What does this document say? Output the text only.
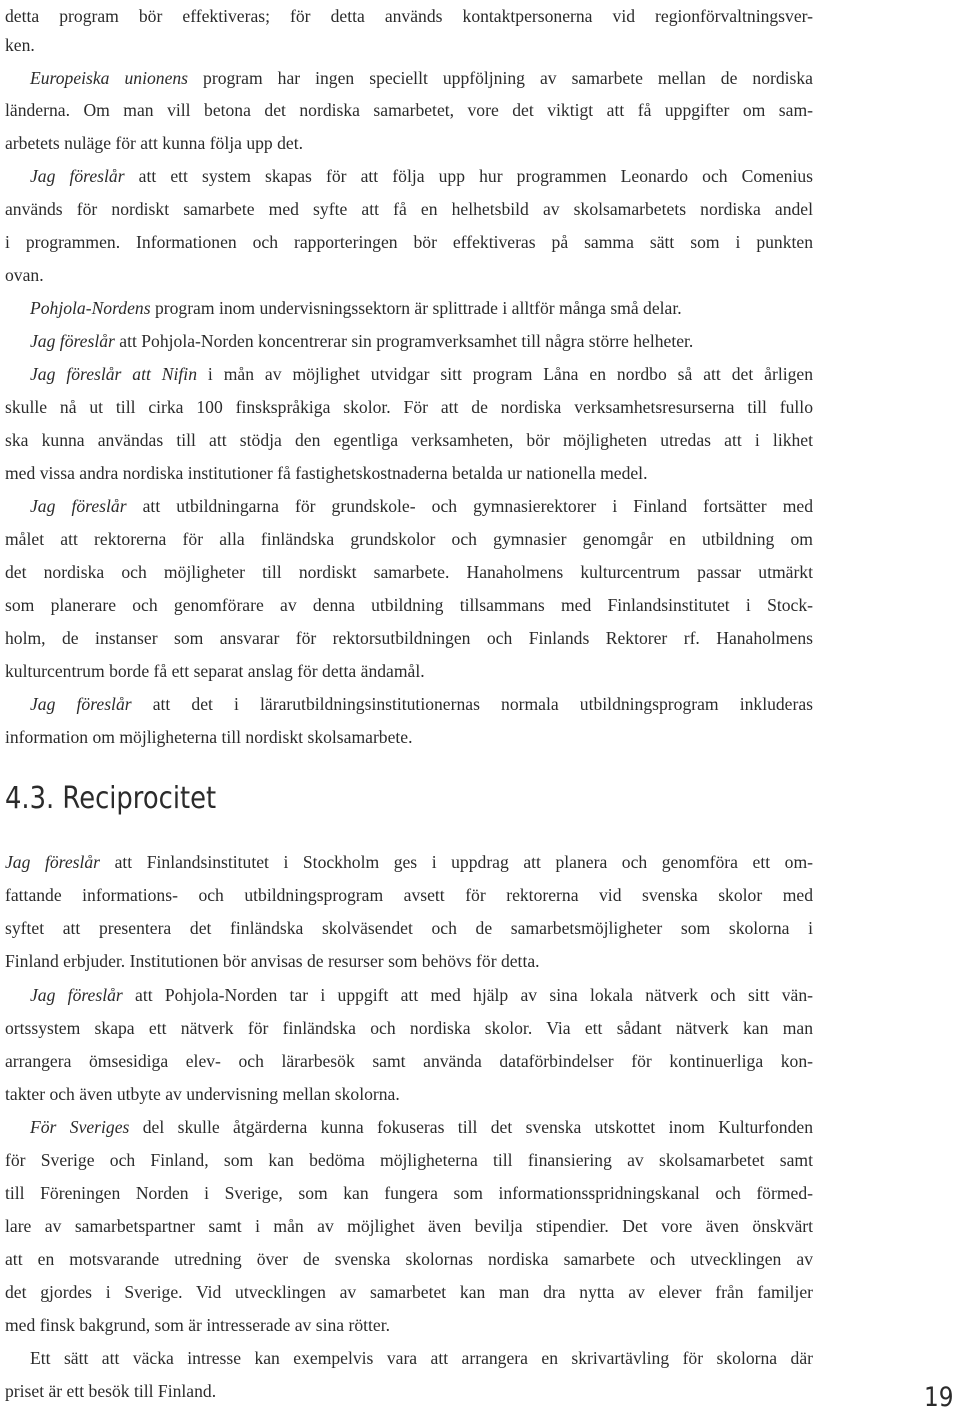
detta program bör effektiveras; för detta används kontaktpersonerna vid regionförvaltningsver-
ken.
Europeiska unionens program har ingen speciellt uppföljning av samarbete mellan de nordiska
länderna. Om man vill betona det nordiska samarbetet, vore det viktigt att få uppgifter om sam-
arbetets nuläge för att kunna följa upp det.
Jag föreslår att ett system skapas för att följa upp hur programmen Leonardo och Comenius
används för nordiskt samarbete med syfte att få en helhetsbild av skolsamarbetets nordiska andel
i programmen. Informationen och rapporteringen bör effektiveras på samma sätt som i punkten
ovan.
Pohjola-Nordens program inom undervisningssektorn är splittrade i alltför många små delar.
Jag föreslår att Pohjola-Norden koncentrerar sin programverksamhet till några större helheter.
Jag föreslår att Nifin i mån av möjlighet utvidgar sitt program Låna en nordbo så att det årligen
skulle nå ut till cirka 100 finskspråkiga skolor. För att de nordiska verksamhetsresurserna till fullo
ska kunna användas till att stödja den egentliga verksamheten, bör möjligheten utredas att i likhet
med vissa andra nordiska institutioner få fastighetskostnaderna betalda ur nationella medel.
Jag föreslår att utbildningarna för grundskole- och gymnasierektorer i Finland fortsätter med
målet att rektorerna för alla finländska grundskolor och gymnasier genomgår en utbildning om
det nordiska och möjligheter till nordiskt samarbete. Hanaholmens kulturcentrum passar utmärkt
som planerare och genomförare av denna utbildning tillsammans med Finlandsinstitutet i Stock-
holm, de instanser som ansvarar för rektorsutbildningen och Finlands Rektorer rf. Hanaholmens
kulturcentrum borde få ett separat anslag för detta ändamål.
Jag föreslår att det i lärarutbildningsinstitutionernas normala utbildningsprogram inkluderas
information om möjligheterna till nordiskt skolsamarbete.
Jag föreslår att Finlandsinstitutet i Stockholm ges i uppdrag att planera och genomföra ett om-
fattande informations- och utbildningsprogram avsett för rektorerna vid svenska skolor med
syftet att presentera det finländska skolväsendet och de samarbetsmöjligheter som skolorna i
Finland erbjuder. Institutionen bör anvisas de resurser som behövs för detta.
Jag föreslår att Pohjola-Norden tar i uppgift att med hjälp av sina lokala nätverk och sitt vän-
ortssystem skapa ett nätverk för finländska och nordiska skolor. Via ett sådant nätverk kan man
arrangera ömsesidiga elev- och lärarbesök samt använda dataförbindelser för kontinuerliga kon-
takter och även utbyte av undervisning mellan skolorna.
För Sveriges del skulle åtgärderna kunna fokuseras till det svenska utskottet inom Kulturfonden
för Sverige och Finland, som kan bedöma möjligheterna till finansiering av skolsamarbetet samt
till Föreningen Norden i Sverige, som kan fungera som informationsspridningskanal och förmed-
lare av samarbetspartner samt i mån av möjlighet även bevilja stipendier. Det vore även önskvärt
att en motsvarande utredning över de svenska skolornas nordiska samarbete och utvecklingen av
det gjordes i Sverige. Vid utvecklingen av samarbetet kan man dra nytta av elever från familjer
med finsk bakgrund, som är intresserade av sina rötter.
Ett sätt att väcka intresse kan exempelvis vara att arrangera en skrivartävling för skolorna där
priset är ett besök till Finland.
4.3. Reciprocitet
19
